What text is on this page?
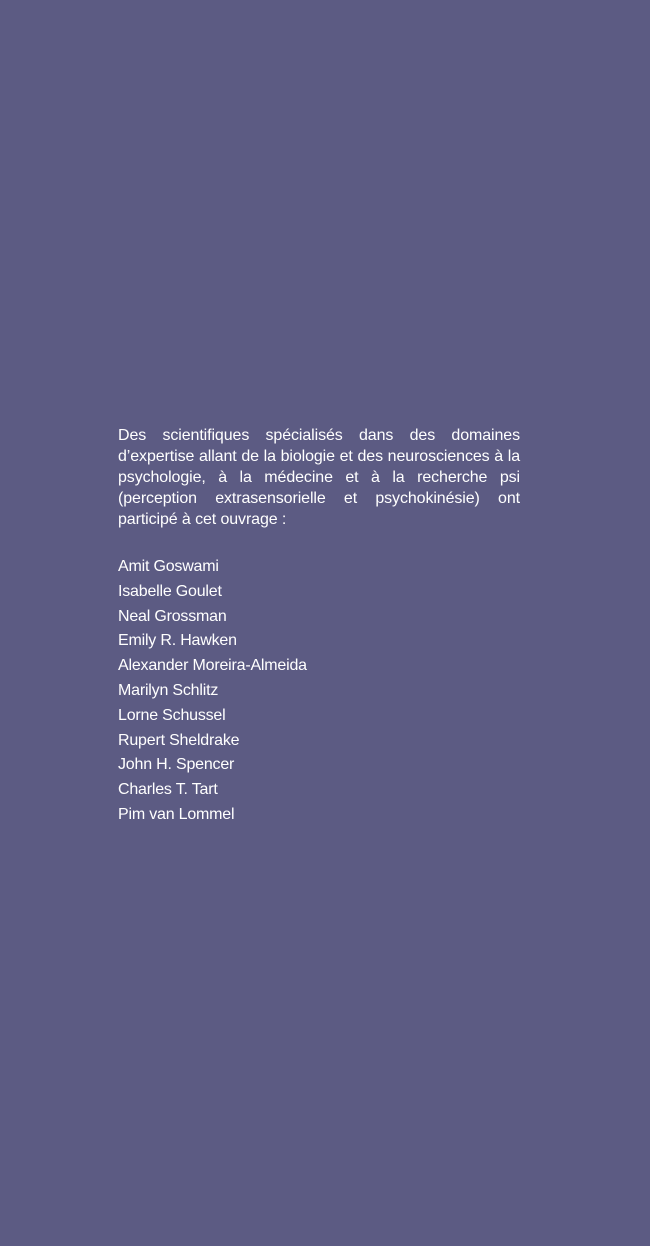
Des scientifiques spécialisés dans des domaines d’expertise allant de la biologie et des neurosciences à la psychologie, à la médecine et à la recherche psi (perception extrasensorielle et psychokinésie) ont participé à cet ouvrage :

Amit Goswami
Isabelle Goulet
Neal Grossman
Emily R. Hawken
Alexander Moreira-Almeida
Marilyn Schlitz
Lorne Schussel
Rupert Sheldrake
John H. Spencer
Charles T. Tart
Pim van Lommel
